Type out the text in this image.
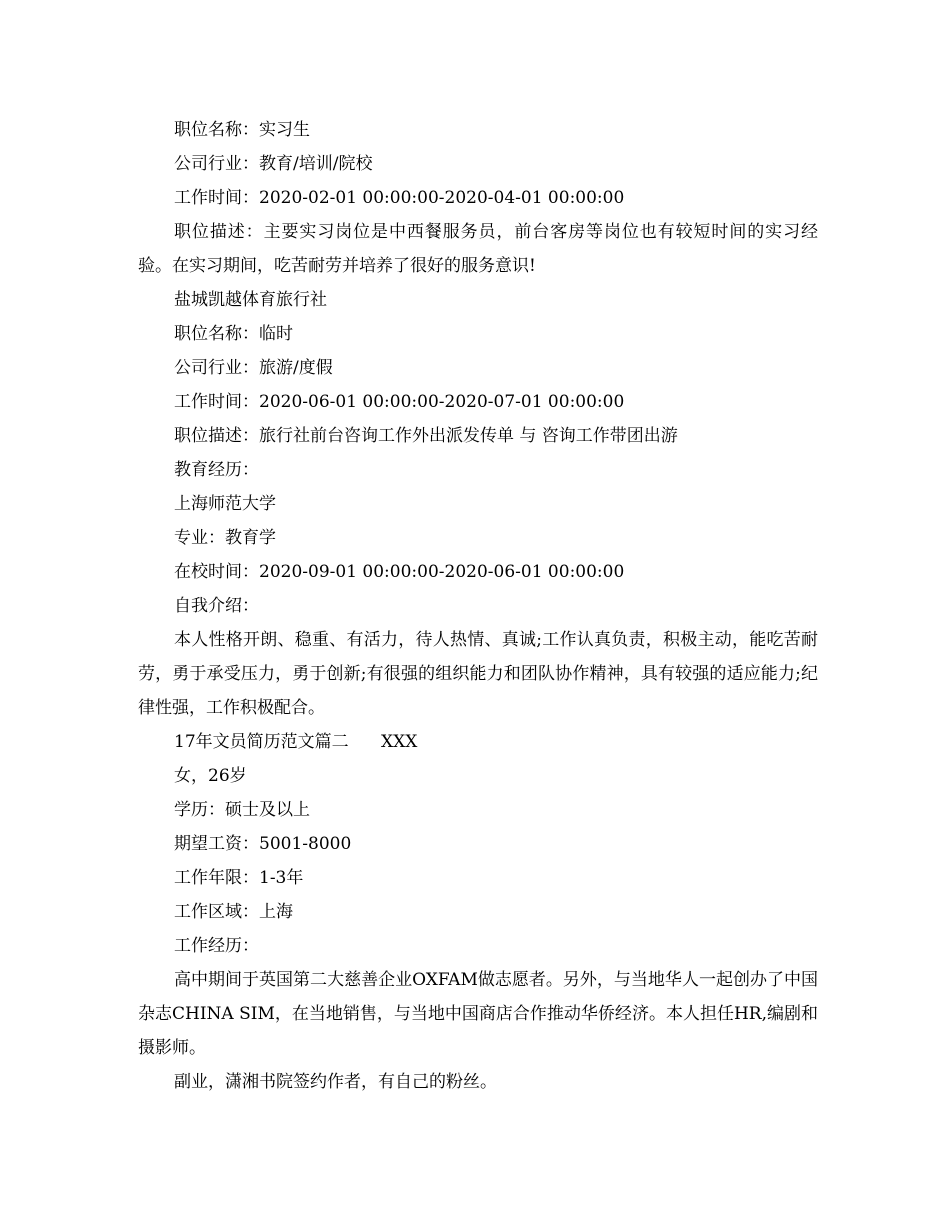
职位名称：实习生

公司行业：教育/培训/院校

工作时间：2020-02-01 00:00:00-2020-04-01 00:00:00

职位描述：主要实习岗位是中西餐服务员，前台客房等岗位也有较短时间的实习经验。在实习期间，吃苦耐劳并培养了很好的服务意识!

盐城凯越体育旅行社

职位名称：临时

公司行业：旅游/度假

工作时间：2020-06-01 00:00:00-2020-07-01 00:00:00

职位描述：旅行社前台咨询工作外出派发传单 与 咨询工作带团出游

教育经历：

上海师范大学

专业：教育学

在校时间：2020-09-01 00:00:00-2020-06-01 00:00:00

自我介绍：

本人性格开朗、稳重、有活力，待人热情、真诚;工作认真负责，积极主动，能吃苦耐劳，勇于承受压力，勇于创新;有很强的组织能力和团队协作精神，具有较强的适应能力;纪律性强，工作积极配合。

17年文员简历范文篇二      XXX

女，26岁

学历：硕士及以上

期望工资：5001-8000

工作年限：1-3年

工作区域：上海

工作经历：

高中期间于英国第二大慈善企业OXFAM做志愿者。另外，与当地华人一起创办了中国杂志CHINA SIM，在当地销售，与当地中国商店合作推动华侨经济。本人担任HR,编剧和摄影师。

副业，潇湘书院签约作者，有自己的粉丝。
